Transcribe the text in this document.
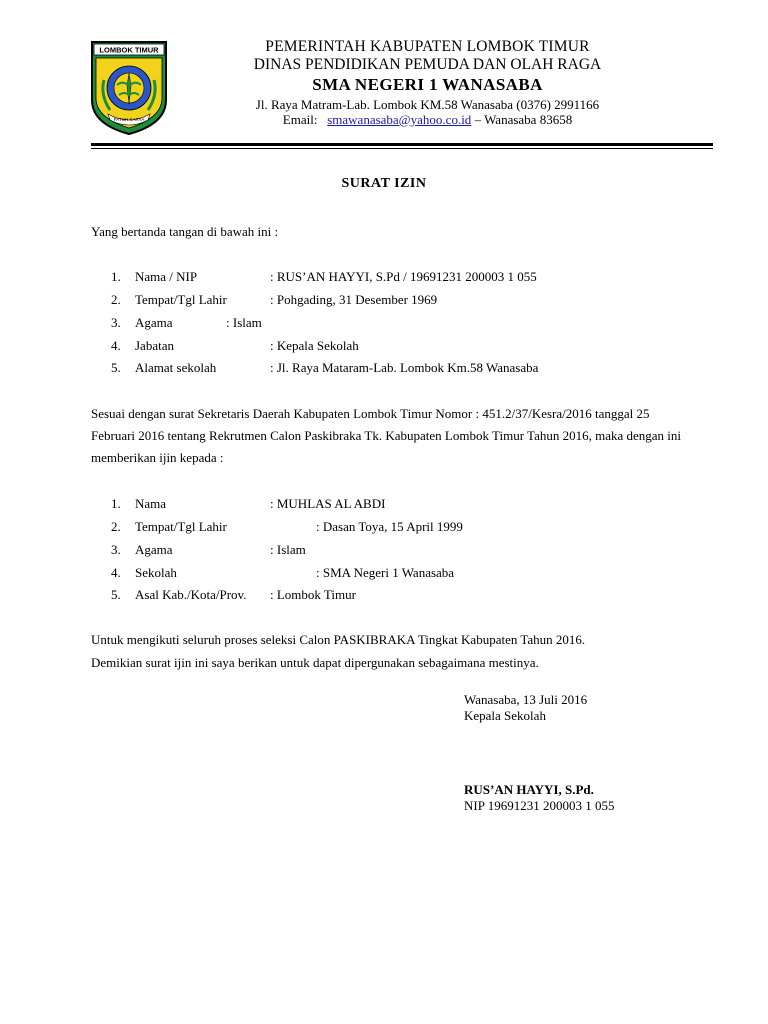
LOMBOK TIMUR
PATUH KARYA
PEMERINTAH KABUPATEN LOMBOK TIMUR
DINAS PENDIDIKAN PEMUDA DAN OLAH RAGA
SMA NEGERI 1 WANASABA
Jl. Raya Matram-Lab. Lombok KM.58 Wanasaba (0376) 2991166
Email: smawanasaba@yahoo.co.id – Wanasaba 83658
SURAT IZIN
Yang bertanda tangan di bawah ini :
1. Nama / NIP	: RUS’AN HAYYI, S.Pd / 19691231 200003 1 055
2. Tempat/Tgl Lahir	: Pohgading, 31 Desember 1969
3. Agama	: Islam
4. Jabatan	: Kepala Sekolah
5. Alamat sekolah	: Jl. Raya Mataram-Lab. Lombok Km.58 Wanasaba
Sesuai dengan surat Sekretaris Daerah Kabupaten Lombok Timur Nomor : 451.2/37/Kesra/2016 tanggal 25 Februari 2016 tentang Rekrutmen Calon Paskibraka Tk. Kabupaten Lombok Timur Tahun 2016, maka dengan ini memberikan ijin kepada :
1. Nama	: MUHLAS AL ABDI
2. Tempat/Tgl Lahir	: Dasan Toya, 15 April 1999
3. Agama	: Islam
4. Sekolah	: SMA Negeri 1 Wanasaba
5. Asal Kab./Kota/Prov. : Lombok Timur
Untuk mengikuti seluruh proses seleksi Calon PASKIBRAKA Tingkat Kabupaten Tahun 2016.
Demikian surat ijin ini saya berikan untuk dapat dipergunakan sebagaimana mestinya.
Wanasaba, 13 Juli 2016
Kepala Sekolah
RUS’AN HAYYI, S.Pd.
NIP 19691231 200003 1 055
